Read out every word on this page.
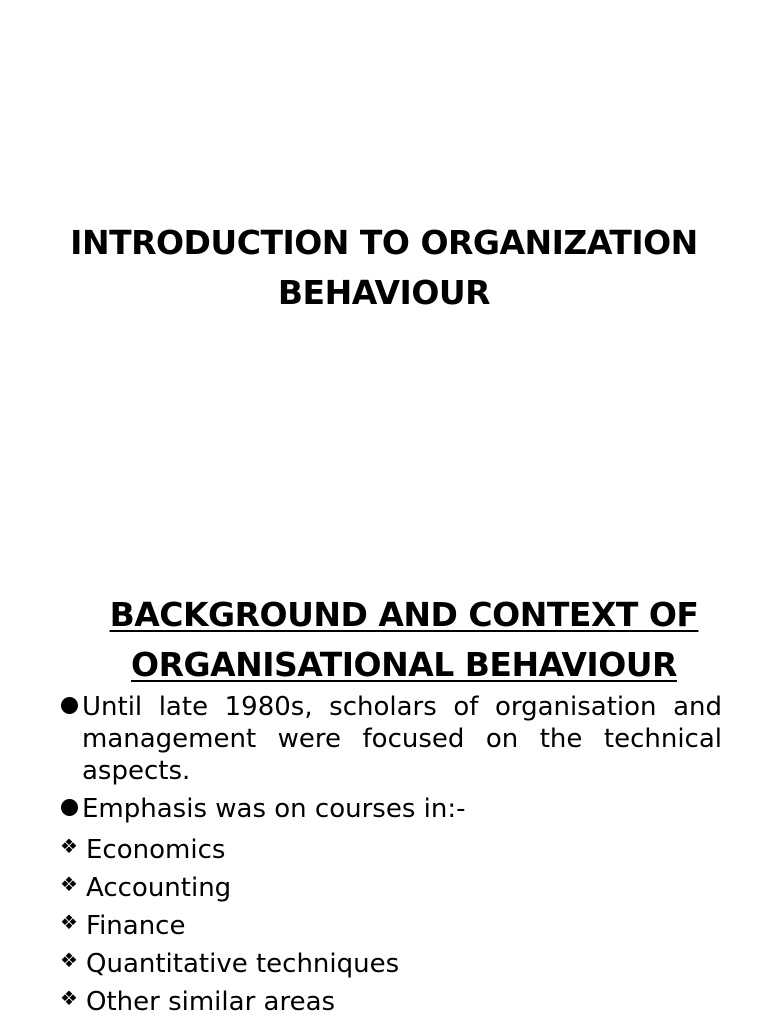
INTRODUCTION TO ORGANIZATION
BEHAVIOUR
BACKGROUND AND CONTEXT OF
ORGANISATIONAL BEHAVIOUR
Until late 1980s, scholars of organisation and management were focused on the technical aspects.
Emphasis was on courses in:-
❖ Economics
❖ Accounting
❖ Finance
❖ Quantitative techniques
❖ Other similar areas
